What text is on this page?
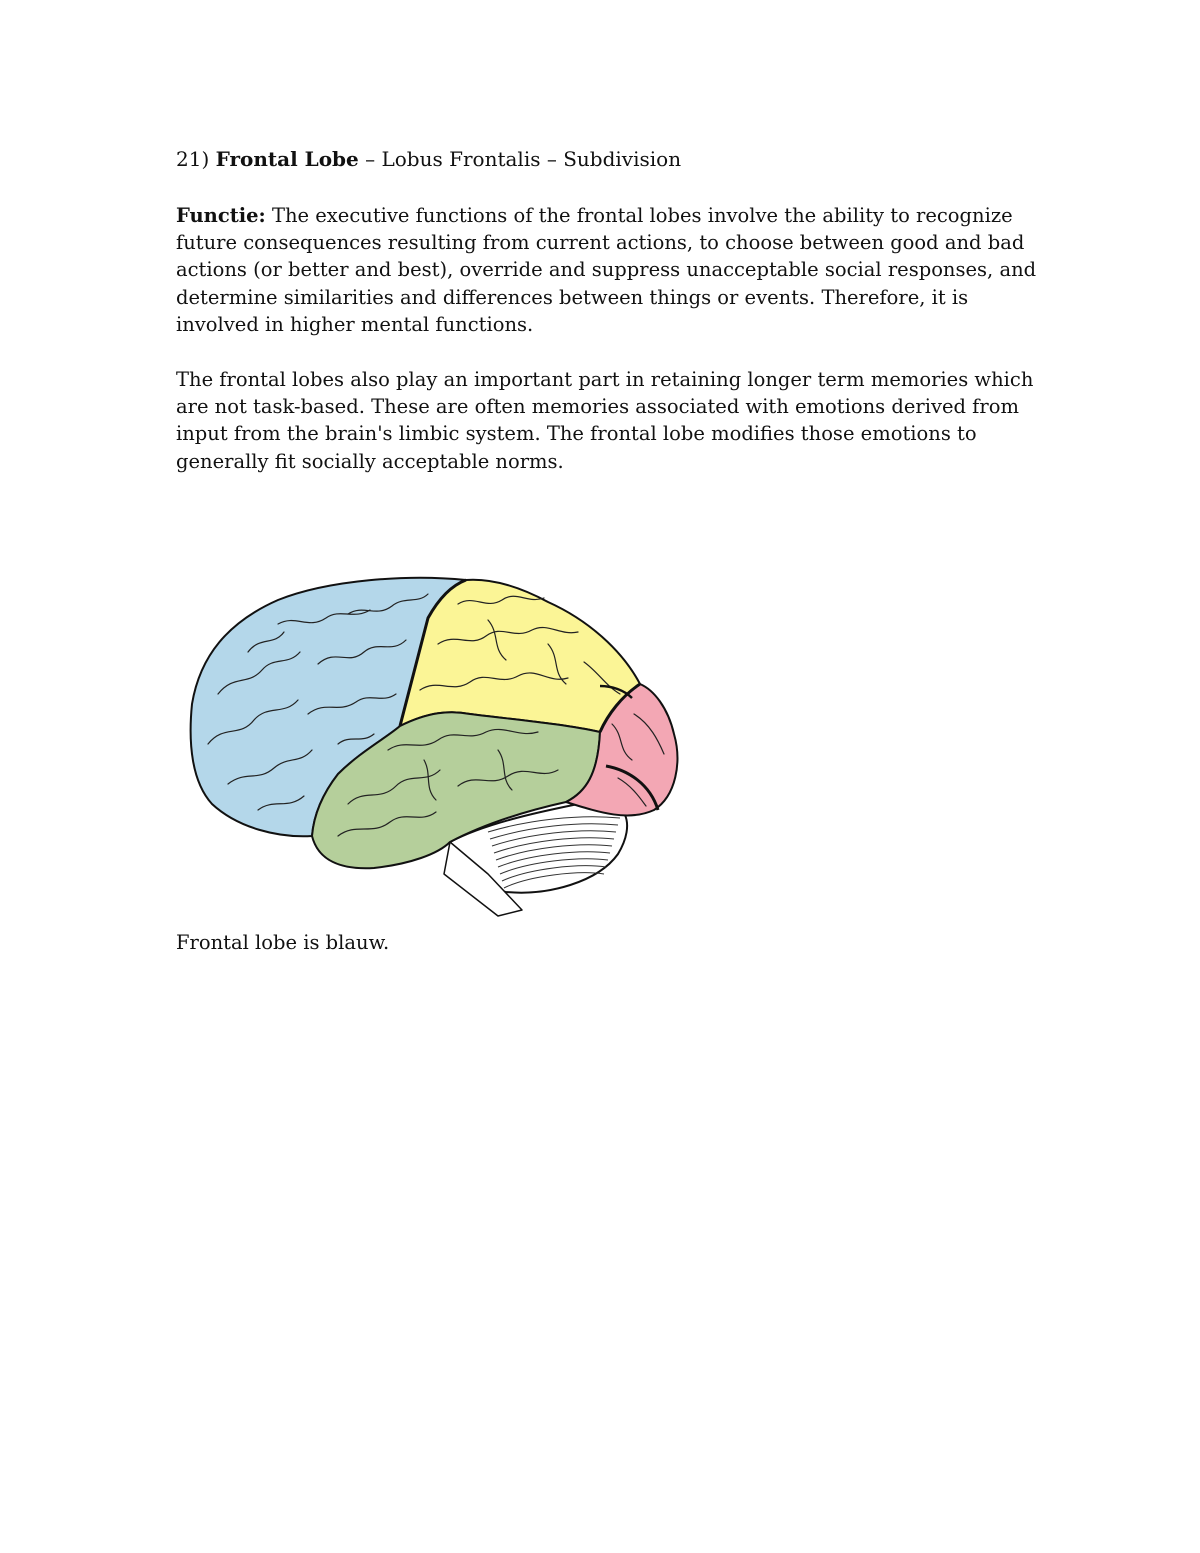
21) Frontal Lobe – Lobus Frontalis – Subdivision

Functie: The executive functions of the frontal lobes involve the ability to recognize future consequences resulting from current actions, to choose between good and bad actions (or better and best), override and suppress unacceptable social responses, and determine similarities and differences between things or events. Therefore, it is involved in higher mental functions.

The frontal lobes also play an important part in retaining longer term memories which are not task-based. These are often memories associated with emotions derived from input from the brain's limbic system. The frontal lobe modifies those emotions to generally fit socially acceptable norms.

Frontal lobe is blauw.
